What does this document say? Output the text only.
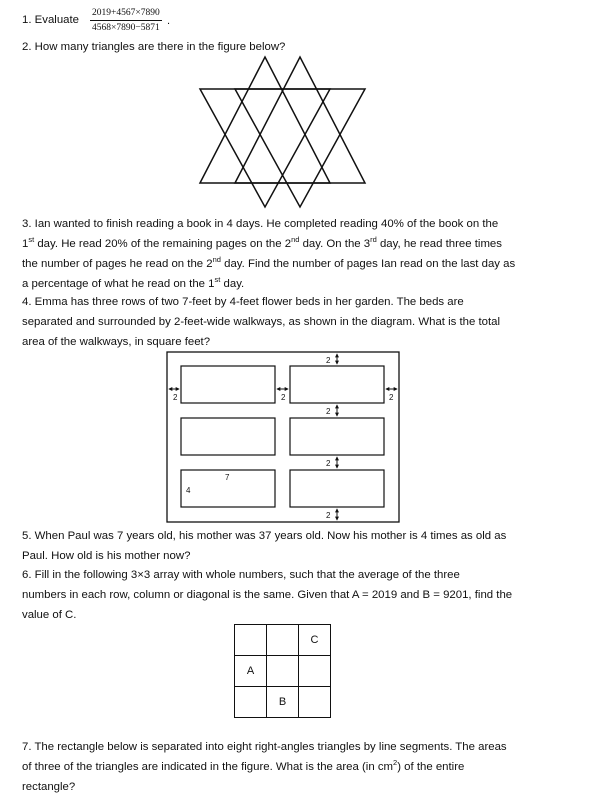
1. Evaluate	$\frac{2019+4567\times 7890}{4568\times 7890-5871}$ .

2. How many triangles are there in the figure below?

3. Ian wanted to finish reading a book in 4 days. He completed reading 40% of the book on the

1st day. He read 20% of the remaining pages on the 2nd day. On the 3rd day, he read three times

the number of pages he read on the 2nd day. Find the number of pages Ian read on the last day as

a percentage of what he read on the 1st day.

4. Emma has three rows of two 7-feet by 4-feet flower beds in her garden. The beds are

separated and surrounded by 2-feet-wide walkways, as shown in the diagram. What is the total

area of the walkways, in square feet?

2
2
2
2
2	2	2
7
4

5. When Paul was 7 years old, his mother was 37 years old. Now his mother is 4 times as old as

Paul. How old is his mother now?

6. Fill in the following 3×3 array with whole numbers, such that the average of the three

numbers in each row, column or diagonal is the same. Given that A = 2019 and B = 9201, find the

value of C.

		C
A		
	B	

7. The rectangle below is separated into eight right-angles triangles by line segments. The areas

of three of the triangles are indicated in the figure. What is the area (in $cm^2$) of the entire

rectangle?
